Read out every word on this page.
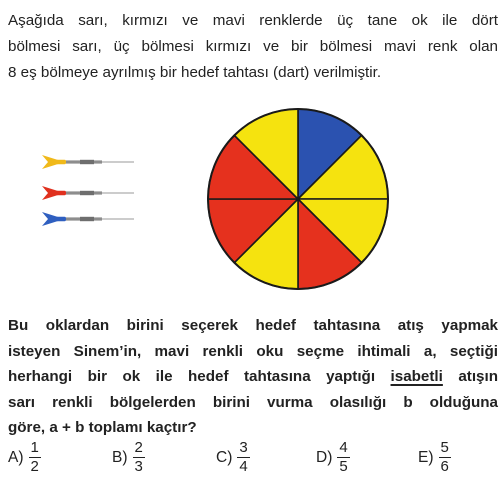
Aşağıda sarı, kırmızı ve mavi renklerde üç tane ok ile dört
bölmesi sarı, üç bölmesi kırmızı ve bir bölmesi mavi renk olan
8 eş bölmeye ayrılmış bir hedef tahtası (dart) verilmiştir.

Bu oklardan birini seçerek hedef tahtasına atış yapmak
isteyen Sinem’in, mavi renkli oku seçme ihtimali a, seçtiği
herhangi bir ok ile hedef tahtasına yaptığı isabetli atışın
sarı renkli bölgelerden birini vurma olasılığı b olduğuna
göre, a + b toplamı kaçtır?

$A) \frac{1}{2}$	$B) \frac{2}{3}$	$C) \frac{3}{4}$	$D) \frac{4}{5}$	$E) \frac{5}{6}$
